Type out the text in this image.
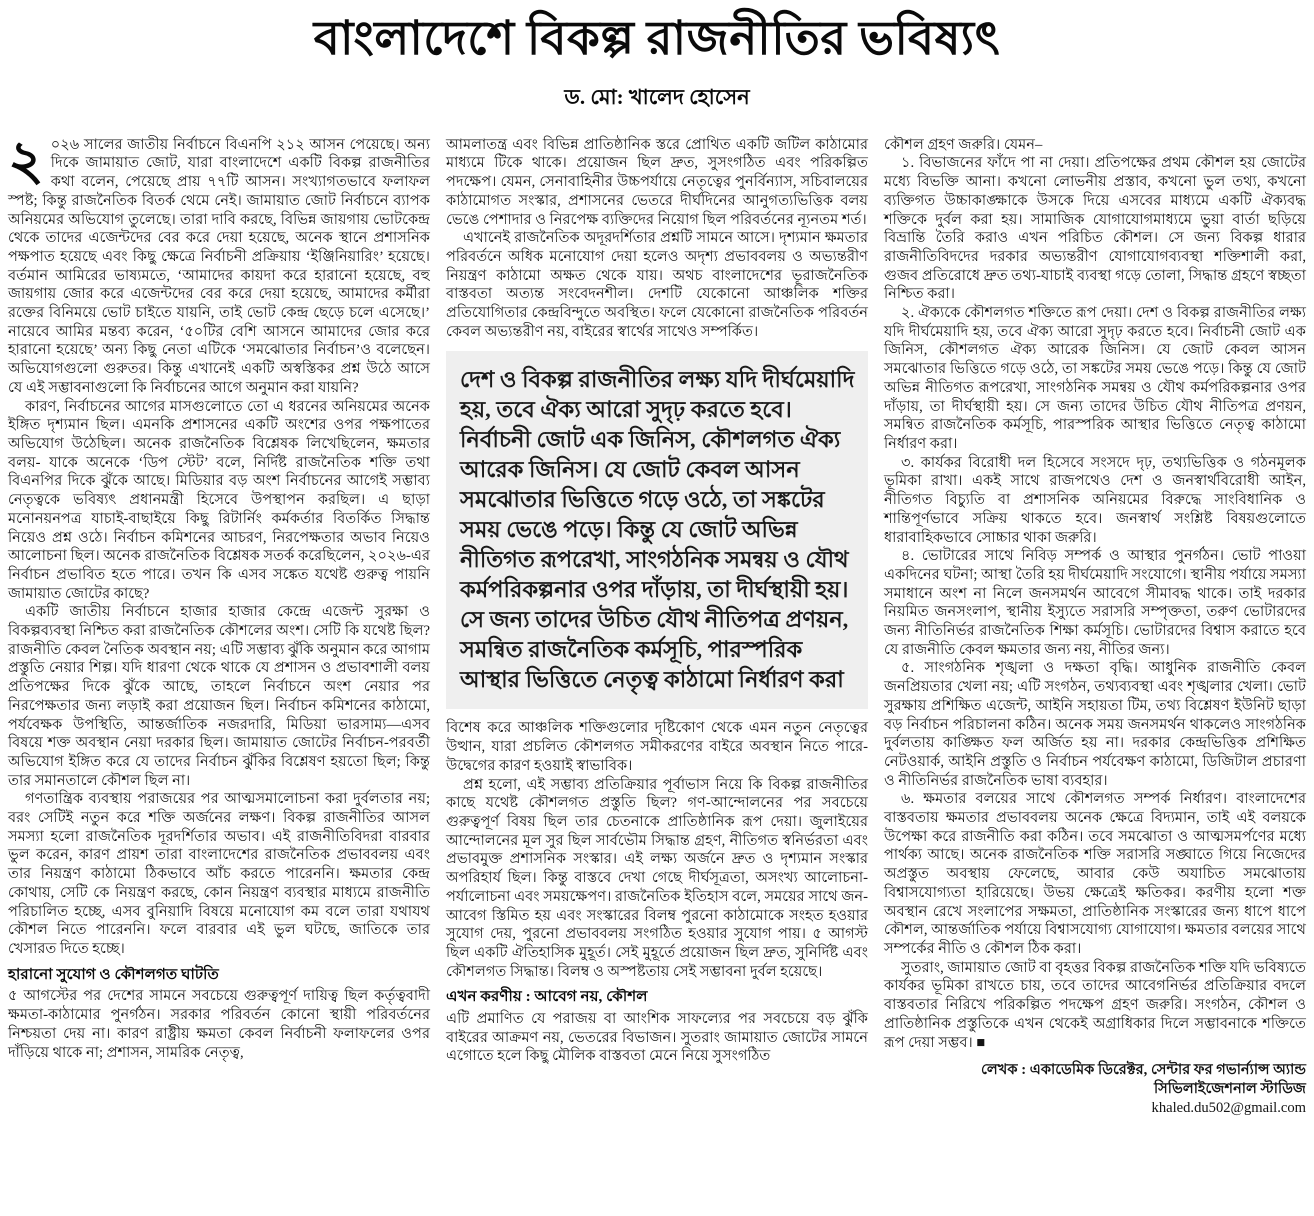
বাংলাদেশে বিকল্প রাজনীতির ভবিষ্যৎ
ড. মো: খালেদ হোসেন

২ ০২৬ সালের জাতীয় নির্বাচনে বিএনপি ২১২ আসন পেয়েছে। অন্য দিকে জামায়াত জোট, যারা বাংলাদেশে একটি বিকল্প রাজনীতির কথা বলেন, পেয়েছে প্রায় ৭৭টি আসন। সংখ্যাগতভাবে ফলাফল স্পষ্ট; কিন্তু রাজনৈতিক বিতর্ক থেমে নেই। জামায়াত জোট নির্বাচনে ব্যাপক অনিয়মের অভিযোগ তুলেছে। তারা দাবি করছে, বিভিন্ন জায়গায় ভোটকেন্দ্র থেকে তাদের এজেন্টদের বের করে দেয়া হয়েছে, অনেক স্থানে প্রশাসনিক পক্ষপাত হয়েছে এবং কিছু ক্ষেত্রে নির্বাচনী প্রক্রিয়ায় ‘ইঞ্জিনিয়ারিং’ হয়েছে। বর্তমান আমিরের ভাষ্যমতে, ‘আমাদের কায়দা করে হারানো হয়েছে, বহু জায়গায় জোর করে এজেন্টদের বের করে দেয়া হয়েছে, আমাদের কর্মীরা রক্তের বিনিময়ে ভোট চাইতে যায়নি, তাই ভোট কেন্দ্র ছেড়ে চলে এসেছে।’ নায়েবে আমির মন্তব্য করেন, ‘৫০টির বেশি আসনে আমাদের জোর করে হারানো হয়েছে’ অন্য কিছু নেতা এটিকে ‘সমঝোতার নির্বাচন’ও বলেছেন। অভিযোগগুলো গুরুতর। কিন্তু এখানেই একটি অস্বস্তিকর প্রশ্ন উঠে আসে যে এই সম্ভাবনাগুলো কি নির্বাচনের আগে অনুমান করা যায়নি?

কারণ, নির্বাচনের আগের মাসগুলোতে তো এ ধরনের অনিয়মের অনেক ইঙ্গিত দৃশ্যমান ছিল। এমনকি প্রশাসনের একটি অংশের ওপর পক্ষপাতের অভিযোগ উঠেছিল। অনেক রাজনৈতিক বিশ্লেষক লিখেছিলেন, ক্ষমতার বলয়- যাকে অনেকে ‘ডিপ স্টেট’ বলে, নির্দিষ্ট রাজনৈতিক শক্তি তথা বিএনপির দিকে ঝুঁকে আছে। মিডিয়ার বড় অংশ নির্বাচনের আগেই সম্ভাব্য নেতৃত্বকে ভবিষ্যৎ প্রধানমন্ত্রী হিসেবে উপস্থাপন করছিল। এ ছাড়া মনোনয়নপত্র যাচাই-বাছাইয়ে কিছু রিটার্নিং কর্মকর্তার বিতর্কিত সিদ্ধান্ত নিয়েও প্রশ্ন ওঠে। নির্বাচন কমিশনের আচরণ, নিরপেক্ষতার অভাব নিয়েও আলোচনা ছিল। অনেক রাজনৈতিক বিশ্লেষক সতর্ক করেছিলেন, ২০২৬-এর নির্বাচন প্রভাবিত হতে পারে। তখন কি এসব সঙ্কেত যথেষ্ট গুরুত্ব পায়নি জামায়াত জোটের কাছে?

একটি জাতীয় নির্বাচনে হাজার হাজার কেন্দ্রে এজেন্ট সুরক্ষা ও বিকল্পব্যবস্থা নিশ্চিত করা রাজনৈতিক কৌশলের অংশ। সেটি কি যথেষ্ট ছিল? রাজনীতি কেবল নৈতিক অবস্থান নয়; এটি সম্ভাব্য ঝুঁকি অনুমান করে আগাম প্রস্তুতি নেয়ার শিল্প। যদি ধারণা থেকে থাকে যে প্রশাসন ও প্রভাবশালী বলয় প্রতিপক্ষের দিকে ঝুঁকে আছে, তাহলে নির্বাচনে অংশ নেয়ার পর নিরপেক্ষতার জন্য লড়াই করা প্রয়োজন ছিল। নির্বাচন কমিশনের কাঠামো, পর্যবেক্ষক উপস্থিতি, আন্তর্জাতিক নজরদারি, মিডিয়া ভারসাম্য—এসব বিষয়ে শক্ত অবস্থান নেয়া দরকার ছিল। জামায়াত জোটের নির্বাচন-পরবর্তী অভিযোগ ইঙ্গিত করে যে তাদের নির্বাচন ঝুঁকির বিশ্লেষণ হয়তো ছিল; কিন্তু তার সমানতালে কৌশল ছিল না।

গণতান্ত্রিক ব্যবস্থায় পরাজয়ের পর আত্মসমালোচনা করা দুর্বলতার নয়; বরং সেটিই নতুন করে শক্তি অর্জনের লক্ষণ। বিকল্প রাজনীতির আসল সমস্যা হলো রাজনৈতিক দূরদর্শিতার অভাব। এই রাজনীতিবিদরা বারবার ভুল করেন, কারণ প্রায়শ তারা বাংলাদেশের রাজনৈতিক প্রভাববলয় এবং তার নিয়ন্ত্রণ কাঠামো ঠিকভাবে আঁচ করতে পারেননি। ক্ষমতার কেন্দ্র কোথায়, সেটি কে নিয়ন্ত্রণ করছে, কোন নিয়ন্ত্রণ ব্যবস্থার মাধ্যমে রাজনীতি পরিচালিত হচ্ছে, এসব বুনিয়াদি বিষয়ে মনোযোগ কম বলে তারা যথাযথ কৌশল নিতে পারেননি। ফলে বারবার এই ভুল ঘটছে, জাতিকে তার খেসারত দিতে হচ্ছে।

হারানো সুযোগ ও কৌশলগত ঘাটতি

৫ আগস্টের পর দেশের সামনে সবচেয়ে গুরুত্বপূর্ণ দায়িত্ব ছিল কর্তৃত্ববাদী ক্ষমতা-কাঠামোর পুনর্গঠন। সরকার পরিবর্তন কোনো স্থায়ী পরিবর্তনের নিশ্চয়তা দেয় না। কারণ রাষ্ট্রীয় ক্ষমতা কেবল নির্বাচনী ফলাফলের ওপর দাঁড়িয়ে থাকে না; প্রশাসন, সামরিক নেতৃত্ব,

আমলাতন্ত্র এবং বিভিন্ন প্রাতিষ্ঠানিক স্তরে প্রোথিত একটি জটিল কাঠামোর মাধ্যমে টিকে থাকে। প্রয়োজন ছিল দ্রুত, সুসংগঠিত এবং পরিকল্পিত পদক্ষেপ। যেমন, সেনাবাহিনীর উচ্চপর্যায়ে নেতৃত্বের পুনর্বিন্যাস, সচিবালয়ের কাঠামোগত সংস্কার, প্রশাসনের ভেতরে দীর্ঘদিনের আনুগত্যভিত্তিক বলয় ভেঙে পেশাদার ও নিরপেক্ষ ব্যক্তিদের নিয়োগ ছিল পরিবর্তনের ন্যূনতম শর্ত।

এখানেই রাজনৈতিক অদূরদর্শিতার প্রশ্নটি সামনে আসে। দৃশ্যমান ক্ষমতার পরিবর্তনে অধিক মনোযোগ দেয়া হলেও অদৃশ্য প্রভাববলয় ও অভ্যন্তরীণ নিয়ন্ত্রণ কাঠামো অক্ষত থেকে যায়। অথচ বাংলাদেশের ভূরাজনৈতিক বাস্তবতা অত্যন্ত সংবেদনশীল। দেশটি যেকোনো আঞ্চলিক শক্তির প্রতিযোগিতার কেন্দ্রবিন্দুতে অবস্থিত। ফলে যেকোনো রাজনৈতিক পরিবর্তন কেবল অভ্যন্তরীণ নয়, বাইরের স্বার্থের সাথেও সম্পর্কিত।

দেশ ও বিকল্প রাজনীতির লক্ষ্য যদি দীর্ঘমেয়াদি হয়, তবে ঐক্য আরো সুদৃঢ় করতে হবে। নির্বাচনী জোট এক জিনিস, কৌশলগত ঐক্য আরেক জিনিস। যে জোট কেবল আসন সমঝোতার ভিত্তিতে গড়ে ওঠে, তা সঙ্কটের সময় ভেঙে পড়ে। কিন্তু যে জোট অভিন্ন নীতিগত রূপরেখা, সাংগঠনিক সমন্বয় ও যৌথ কর্মপরিকল্পনার ওপর দাঁড়ায়, তা দীর্ঘস্থায়ী হয়। সে জন্য তাদের উচিত যৌথ নীতিপত্র প্রণয়ন, সমন্বিত রাজনৈতিক কর্মসূচি, পারস্পরিক আস্থার ভিত্তিতে নেতৃত্ব কাঠামো নির্ধারণ করা

বিশেষ করে আঞ্চলিক শক্তিগুলোর দৃষ্টিকোণ থেকে এমন নতুন নেতৃত্বের উত্থান, যারা প্রচলিত কৌশলগত সমীকরণের বাইরে অবস্থান নিতে পারে- উদ্বেগের কারণ হওয়াই স্বাভাবিক।

প্রশ্ন হলো, এই সম্ভাব্য প্রতিক্রিয়ার পূর্বাভাস নিয়ে কি বিকল্প রাজনীতির কাছে যথেষ্ট কৌশলগত প্রস্তুতি ছিল? গণ-আন্দোলনের পর সবচেয়ে গুরুত্বপূর্ণ বিষয় ছিল তার চেতনাকে প্রাতিষ্ঠানিক রূপ দেয়া। জুলাইয়ের আন্দোলনের মূল সুর ছিল সার্বভৌম সিদ্ধান্ত গ্রহণ, নীতিগত স্বনির্ভরতা এবং প্রভাবমুক্ত প্রশাসনিক সংস্কার। এই লক্ষ্য অর্জনে দ্রুত ও দৃশ্যমান সংস্কার অপরিহার্য ছিল। কিন্তু বাস্তবে দেখা গেছে দীর্ঘসূত্রতা, অসংখ্য আলোচনা-পর্যালোচনা এবং সময়ক্ষেপণ। রাজনৈতিক ইতিহাস বলে, সময়ের সাথে জন-আবেগ স্তিমিত হয় এবং সংস্কারের বিলম্ব পুরনো কাঠামোকে সংহত হওয়ার সুযোগ দেয়, পুরনো প্রভাববলয় সংগঠিত হওয়ার সুযোগ পায়। ৫ আগস্ট ছিল একটি ঐতিহাসিক মুহূর্ত। সেই মুহূর্তে প্রয়োজন ছিল দ্রুত, সুনির্দিষ্ট এবং কৌশলগত সিদ্ধান্ত। বিলম্ব ও অস্পষ্টতায় সেই সম্ভাবনা দুর্বল হয়েছে।

এখন করণীয় : আবেগ নয়, কৌশল

এটি প্রমাণিত যে পরাজয় বা আংশিক সাফল্যের পর সবচেয়ে বড় ঝুঁকি বাইরের আক্রমণ নয়, ভেতরের বিভাজন। সুতরাং জামায়াত জোটের সামনে এগোতে হলে কিছু মৌলিক বাস্তবতা মেনে নিয়ে সুসংগঠিত

কৌশল গ্রহণ জরুরি। যেমন–

১. বিভাজনের ফাঁদে পা না দেয়া। প্রতিপক্ষের প্রথম কৌশল হয় জোটের মধ্যে বিভক্তি আনা। কখনো লোভনীয় প্রস্তাব, কখনো ভুল তথ্য, কখনো ব্যক্তিগত উচ্চাকাঙ্ক্ষাকে উসকে দিয়ে এসবের মাধ্যমে একটি ঐক্যবদ্ধ শক্তিকে দুর্বল করা হয়। সামাজিক যোগাযোগমাধ্যমে ভুয়া বার্তা ছড়িয়ে বিভ্রান্তি তৈরি করাও এখন পরিচিত কৌশল। সে জন্য বিকল্প ধারার রাজনীতিবিদদের দরকার অভ্যন্তরীণ যোগাযোগব্যবস্থা শক্তিশালী করা, গুজব প্রতিরোধে দ্রুত তথ্য-যাচাই ব্যবস্থা গড়ে তোলা, সিদ্ধান্ত গ্রহণে স্বচ্ছতা নিশ্চিত করা।

২. ঐক্যকে কৌশলগত শক্তিতে রূপ দেয়া। দেশ ও বিকল্প রাজনীতির লক্ষ্য যদি দীর্ঘমেয়াদি হয়, তবে ঐক্য আরো সুদৃঢ় করতে হবে। নির্বাচনী জোট এক জিনিস, কৌশলগত ঐক্য আরেক জিনিস। যে জোট কেবল আসন সমঝোতার ভিত্তিতে গড়ে ওঠে, তা সঙ্কটের সময় ভেঙে পড়ে। কিন্তু যে জোট অভিন্ন নীতিগত রূপরেখা, সাংগঠনিক সমন্বয় ও যৌথ কর্মপরিকল্পনার ওপর দাঁড়ায়, তা দীর্ঘস্থায়ী হয়। সে জন্য তাদের উচিত যৌথ নীতিপত্র প্রণয়ন, সমন্বিত রাজনৈতিক কর্মসূচি, পারস্পরিক আস্থার ভিত্তিতে নেতৃত্ব কাঠামো নির্ধারণ করা।

৩. কার্যকর বিরোধী দল হিসেবে সংসদে দৃঢ়, তথ্যভিত্তিক ও গঠনমূলক ভূমিকা রাখা। একই সাথে রাজপথেও দেশ ও জনস্বার্থবিরোধী আইন, নীতিগত বিচ্যুতি বা প্রশাসনিক অনিয়মের বিরুদ্ধে সাংবিধানিক ও শান্তিপূর্ণভাবে সক্রিয় থাকতে হবে। জনস্বার্থ সংশ্লিষ্ট বিষয়গুলোতে ধারাবাহিকভাবে সোচ্চার থাকা জরুরি।

৪. ভোটারের সাথে নিবিড় সম্পর্ক ও আস্থার পুনর্গঠন। ভোট পাওয়া একদিনের ঘটনা; আস্থা তৈরি হয় দীর্ঘমেয়াদি সংযোগে। স্থানীয় পর্যায়ে সমস্যা সমাধানে অংশ না নিলে জনসমর্থন আবেগে সীমাবদ্ধ থাকে। তাই দরকার নিয়মিত জনসংলাপ, স্থানীয় ইস্যুতে সরাসরি সম্পৃক্ততা, তরুণ ভোটারদের জন্য নীতিনির্ভর রাজনৈতিক শিক্ষা কর্মসূচি। ভোটারদের বিশ্বাস করাতে হবে যে রাজনীতি কেবল ক্ষমতার জন্য নয়, নীতির জন্য।

৫. সাংগঠনিক শৃঙ্খলা ও দক্ষতা বৃদ্ধি। আধুনিক রাজনীতি কেবল জনপ্রিয়তার খেলা নয়; এটি সংগঠন, তথ্যব্যবস্থা এবং শৃঙ্খলার খেলা। ভোট সুরক্ষায় প্রশিক্ষিত এজেন্ট, আইনি সহায়তা টিম, তথ্য বিশ্লেষণ ইউনিট ছাড়া বড় নির্বাচন পরিচালনা কঠিন। অনেক সময় জনসমর্থন থাকলেও সাংগঠনিক দুর্বলতায় কাঙ্ক্ষিত ফল অর্জিত হয় না। দরকার কেন্দ্রভিত্তিক প্রশিক্ষিত নেটওয়ার্ক, আইনি প্রস্তুতি ও নির্বাচন পর্যবেক্ষণ কাঠামো, ডিজিটাল প্রচারণা ও নীতিনির্ভর রাজনৈতিক ভাষা ব্যবহার।

৬. ক্ষমতার বলয়ের সাথে কৌশলগত সম্পর্ক নির্ধারণ। বাংলাদেশের বাস্তবতায় ক্ষমতার প্রভাববলয় অনেক ক্ষেত্রে বিদ্যমান, তাই এই বলয়কে উপেক্ষা করে রাজনীতি করা কঠিন। তবে সমঝোতা ও আত্মসমর্পণের মধ্যে পার্থক্য আছে। অনেক রাজনৈতিক শক্তি সরাসরি সঙ্ঘাতে গিয়ে নিজেদের অপ্রস্তুত অবস্থায় ফেলেছে, আবার কেউ অযাচিত সমঝোতায় বিশ্বাসযোগ্যতা হারিয়েছে। উভয় ক্ষেত্রেই ক্ষতিকর। করণীয় হলো শক্ত অবস্থান রেখে সংলাপের সক্ষমতা, প্রাতিষ্ঠানিক সংস্কারের জন্য ধাপে ধাপে কৌশল, আন্তর্জাতিক পর্যায়ে বিশ্বাসযোগ্য যোগাযোগ। ক্ষমতার বলয়ের সাথে সম্পর্কের নীতি ও কৌশল ঠিক করা।

সুতরাং, জামায়াত জোট বা বৃহত্তর বিকল্প রাজনৈতিক শক্তি যদি ভবিষ্যতে কার্যকর ভূমিকা রাখতে চায়, তবে তাদের আবেগনির্ভর প্রতিক্রিয়ার বদলে বাস্তবতার নিরিখে পরিকল্পিত পদক্ষেপ গ্রহণ জরুরি। সংগঠন, কৌশল ও প্রাতিষ্ঠানিক প্রস্তুতিকে এখন থেকেই অগ্রাধিকার দিলে সম্ভাবনাকে শক্তিতে রূপ দেয়া সম্ভব। ■

লেখক : একাডেমিক ডিরেক্টর, সেন্টার ফর গভার্ন্যান্স অ্যান্ড সিভিলাইজেশনাল স্টাডিজ
khaled.du502@gmail.com
